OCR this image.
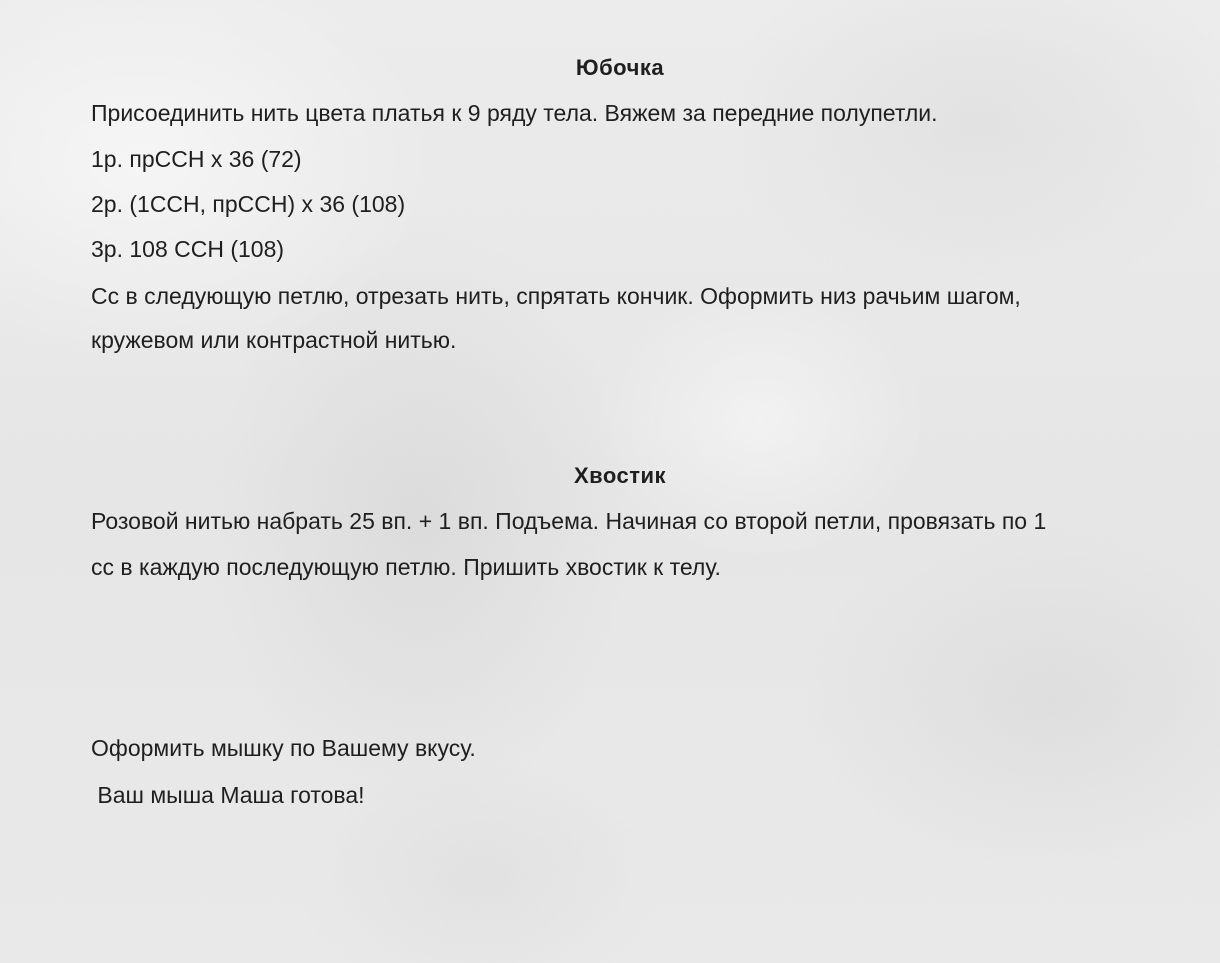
Юбочка
Присоединить нить цвета платья к 9 ряду тела. Вяжем за передние полупетли.
1р. прССН х 36 (72)
2р. (1ССН, прССН) х 36 (108)
3р. 108 ССН (108)
Сс в следующую петлю, отрезать нить, спрятать кончик. Оформить низ рачьим шагом,
кружевом или контрастной нитью.
Хвостик
Розовой нитью набрать 25 вп. + 1 вп. Подъема. Начиная со второй петли, провязать по 1
сс в каждую последующую петлю. Пришить хвостик к телу.
Оформить мышку по Вашему вкусу.
Ваш мыша Маша готова!
